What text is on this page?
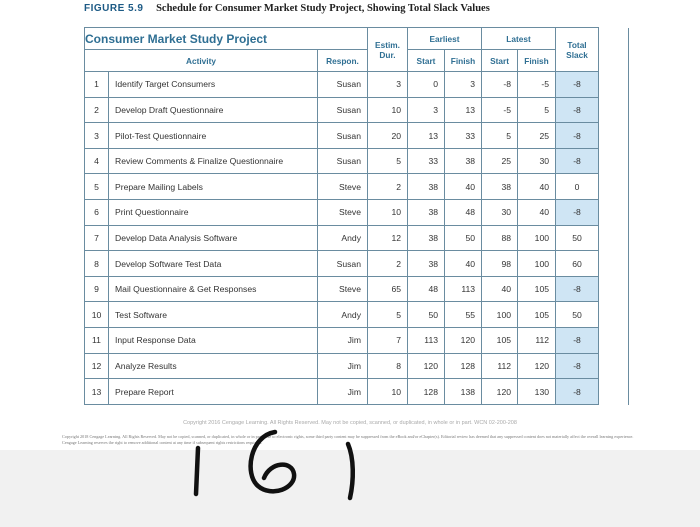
FIGURE 5.9 Schedule for Consumer Market Study Project, Showing Total Slack Values
Consumer Market Study Project			Estim. Dur.	Earliest		Latest		Total Slack	
Activity		Respon.		Start	Finish	Start	Finish		
1	Identify Target Consumers	Susan	3	0	3	-8	-5	-8	
2	Develop Draft Questionnaire	Susan	10	3	13	-5	5	-8	
3	Pilot-Test Questionnaire	Susan	20	13	33	5	25	-8	
4	Review Comments & Finalize Questionnaire	Susan	5	33	38	25	30	-8	
5	Prepare Mailing Labels	Steve	2	38	40	38	40	0	
6	Print Questionnaire	Steve	10	38	48	30	40	-8	
7	Develop Data Analysis Software	Andy	12	38	50	88	100	50	
8	Develop Software Test Data	Susan	2	38	40	98	100	60	
9	Mail Questionnaire & Get Responses	Steve	65	48	113	40	105	-8	
10	Test Software	Andy	5	50	55	100	105	50	
11	Input Response Data	Jim	7	113	120	105	112	-8	
12	Analyze Results	Jim	8	120	128	112	120	-8	
13	Prepare Report	Jim	10	128	138	120	130	-8	
Copyright 2016 Cengage Learning. All Rights Reserved. May not be copied, scanned, or duplicated, in whole or in part. WCN 02-200-208
Copyright 2018 Cengage Learning. All Rights Reserved. May not be copied, scanned, or duplicated, in whole or in part. Due to electronic rights, some third party content may be suppressed from the eBook and/or eChapter(s). Editorial review has deemed that any suppressed content does not materially affect the overall learning experience. Cengage Learning reserves the right to remove additional content at any time if subsequent rights restrictions require it.
